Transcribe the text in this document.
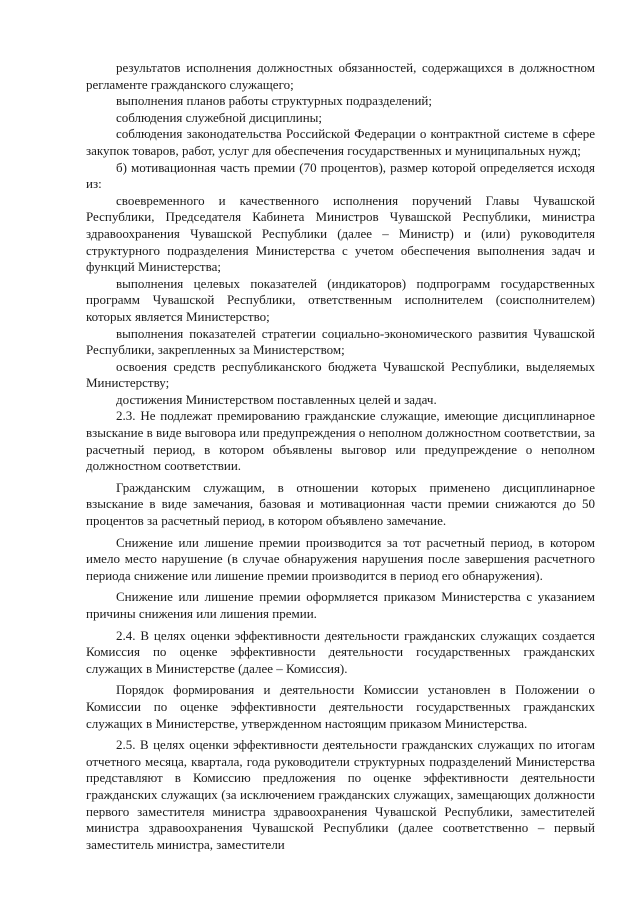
результатов исполнения должностных обязанностей, содержащихся в должностном регламенте гражданского служащего;

выполнения планов работы структурных подразделений;

соблюдения служебной дисциплины;

соблюдения законодательства Российской Федерации о контрактной системе в сфере закупок товаров, работ, услуг для обеспечения государственных и муниципальных нужд;

б) мотивационная часть премии (70 процентов), размер которой определяется исходя из:

своевременного и качественного исполнения поручений Главы Чувашской Республики, Председателя Кабинета Министров Чувашской Республики, министра здравоохранения Чувашской Республики (далее – Министр) и (или) руководителя структурного подразделения Министерства с учетом обеспечения выполнения задач и функций Министерства;

выполнения целевых показателей (индикаторов) подпрограмм государственных программ Чувашской Республики, ответственным исполнителем (соисполнителем) которых является Министерство;

выполнения показателей стратегии социально-экономического развития Чувашской Республики, закрепленных за Министерством;

освоения средств республиканского бюджета Чувашской Республики, выделяемых Министерству;

достижения Министерством поставленных целей и задач.

2.3. Не подлежат премированию гражданские служащие, имеющие дисциплинарное взыскание в виде выговора или предупреждения о неполном должностном соответствии, за расчетный период, в котором объявлены выговор или предупреждение о неполном должностном соответствии.

Гражданским служащим, в отношении которых применено дисциплинарное взыскание в виде замечания, базовая и мотивационная части премии снижаются до 50 процентов за расчетный период, в котором объявлено замечание.

Снижение или лишение премии производится за тот расчетный период, в котором имело место нарушение (в случае обнаружения нарушения после завершения расчетного периода снижение или лишение премии производится в период его обнаружения).

Снижение или лишение премии оформляется приказом Министерства с указанием причины снижения или лишения премии.

2.4. В целях оценки эффективности деятельности гражданских служащих создается Комиссия по оценке эффективности деятельности государственных гражданских служащих в Министерстве (далее – Комиссия).

Порядок формирования и деятельности Комиссии установлен в Положении о Комиссии по оценке эффективности деятельности государственных гражданских служащих в Министерстве, утвержденном настоящим приказом Министерства.

2.5. В целях оценки эффективности деятельности гражданских служащих по итогам отчетного месяца, квартала, года руководители структурных подразделений Министерства представляют в Комиссию предложения по оценке эффективности деятельности гражданских служащих (за исключением гражданских служащих, замещающих должности первого заместителя министра здравоохранения Чувашской Республики, заместителей министра здравоохранения Чувашской Республики (далее соответственно – первый заместитель министра, заместители
